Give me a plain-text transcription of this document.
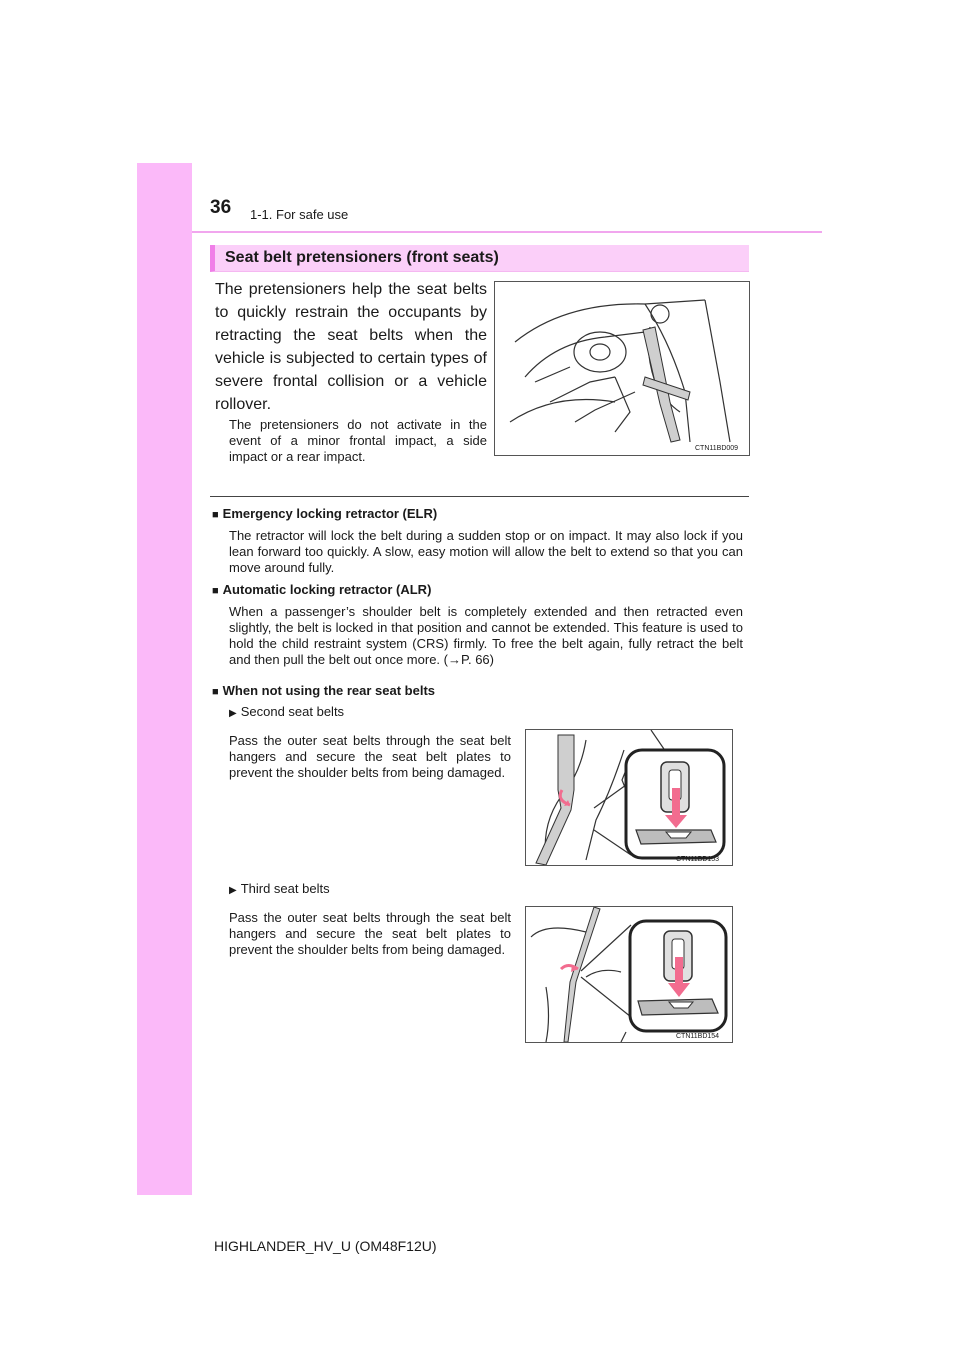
36 1-1. For safe use
Seat belt pretensioners (front seats)

The pretensioners help the seat belts to quickly restrain the occupants by retracting the seat belts when the vehicle is subjected to certain types of severe frontal collision or a vehicle rollover.

The pretensioners do not activate in the event of a minor frontal impact, a side impact or a rear impact.

CTN11BD009
■ Emergency locking retractor (ELR)

The retractor will lock the belt during a sudden stop or on impact. It may also lock if you lean forward too quickly. A slow, easy motion will allow the belt to extend so that you can move around fully.

■ Automatic locking retractor (ALR)

When a passenger’s shoulder belt is completely extended and then retracted even slightly, the belt is locked in that position and cannot be extended. This feature is used to hold the child restraint system (CRS) firmly. To free the belt again, fully retract the belt and then pull the belt out once more. (→P. 66)

■ When not using the rear seat belts
▶ Second seat belts

Pass the outer seat belts through the seat belt hangers and secure the seat belt plates to prevent the shoulder belts from being damaged.

CTN11BD153
▶ Third seat belts

Pass the outer seat belts through the seat belt hangers and secure the seat belt plates to prevent the shoulder belts from being damaged.

CTN11BD154
HIGHLANDER_HV_U (OM48F12U)
